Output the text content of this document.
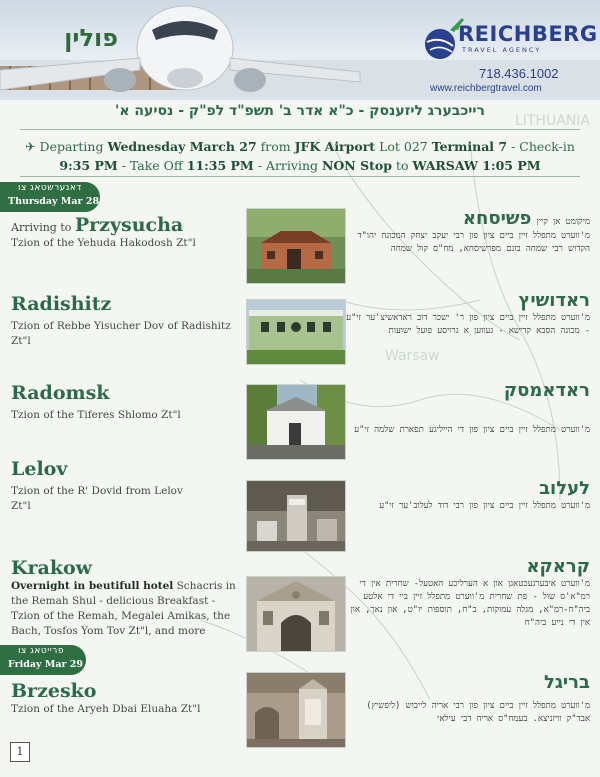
LITHUANIA
Warsaw
פולין	REICHBERG
TRAVEL AGENCY
718.436.1002
www.reichbergtravel.com
רייכבערג ליזענסק - כ"א אדר ב' תשפ"ד לפ"ק - נסיעה א'
✈ Departing Wednesday March 27 from JFK Airport Lot 027 Terminal 7 - Check-in
9:35 PM - Take Off 11:35 PM - Arriving NON Stop to WARSAW 1:05 PM
דאנערשטאג צו
Thursday Mar 28
Arriving to Przysucha
Tzion of the Yehuda Hakodosh Zt"l
מיקומט אן קיין פשיסחא
מ'ווערט מתפלל זיין ביים ציון פון רבי יעקב יצחק המכונה יהו"ד הקדוש רבי שמחה בונם מפרשיסחא, מח"ס קול שמחה
Radishitz
Tzion of Rebbe Yisucher Dov of Radishitz Zt"l
ראדושיץ
מ'ווערט מתפלל זיין ביים ציון פון ר' ישכר דוב ראדאשיצ'ער זי"ע - מכונה הסבא קדישא - געווען א גרויסע פועל ישועות
Radomsk
Tzion of the Tiferes Shlomo Zt"l
ראדאמסק
מ'ווערט מתפלל זיין ביים ציון פון די הייליגע תפארת שלמה זי"ע
Lelov
Tzion of the R' Dovid from Lelov Zt"l
לעלוב
מ'ווערט מתפלל זיין ביים ציון פון רבי דוד לעלוב'ער זי"ע
Krakow
Overnight in beutifull hotel Schacris in the Remah Shul - delicious Breakfast - Tzion of the Remah, Megalei Amikas, the Bach, Tosfos Yom Tov Zt"l, and more
קראקא
מ'ווערט איבערנעכטאגן און א הערליכע האטעל- שחרית אין די רמ"א'ס שול - פת שחרית מ'ווערט מתפלל זיין ביי די אלטע ביה"ח-רמ"א, מגלה עמוקות, ב"ח, תוספות יו"ט, און נאך, און אין די נייע ביה"ח
פרייטאג צו
Friday Mar 29
Brzesko
Tzion of the Aryeh Dbai Eluaha Zt"l
בריגל
מ'ווערט מתפלל זיין ביים ציון פון רבי אריה לייבוש (ליפשיץ) אבד"ק וויזניצא. בעמח"ס אריה דבי עילאי
1
